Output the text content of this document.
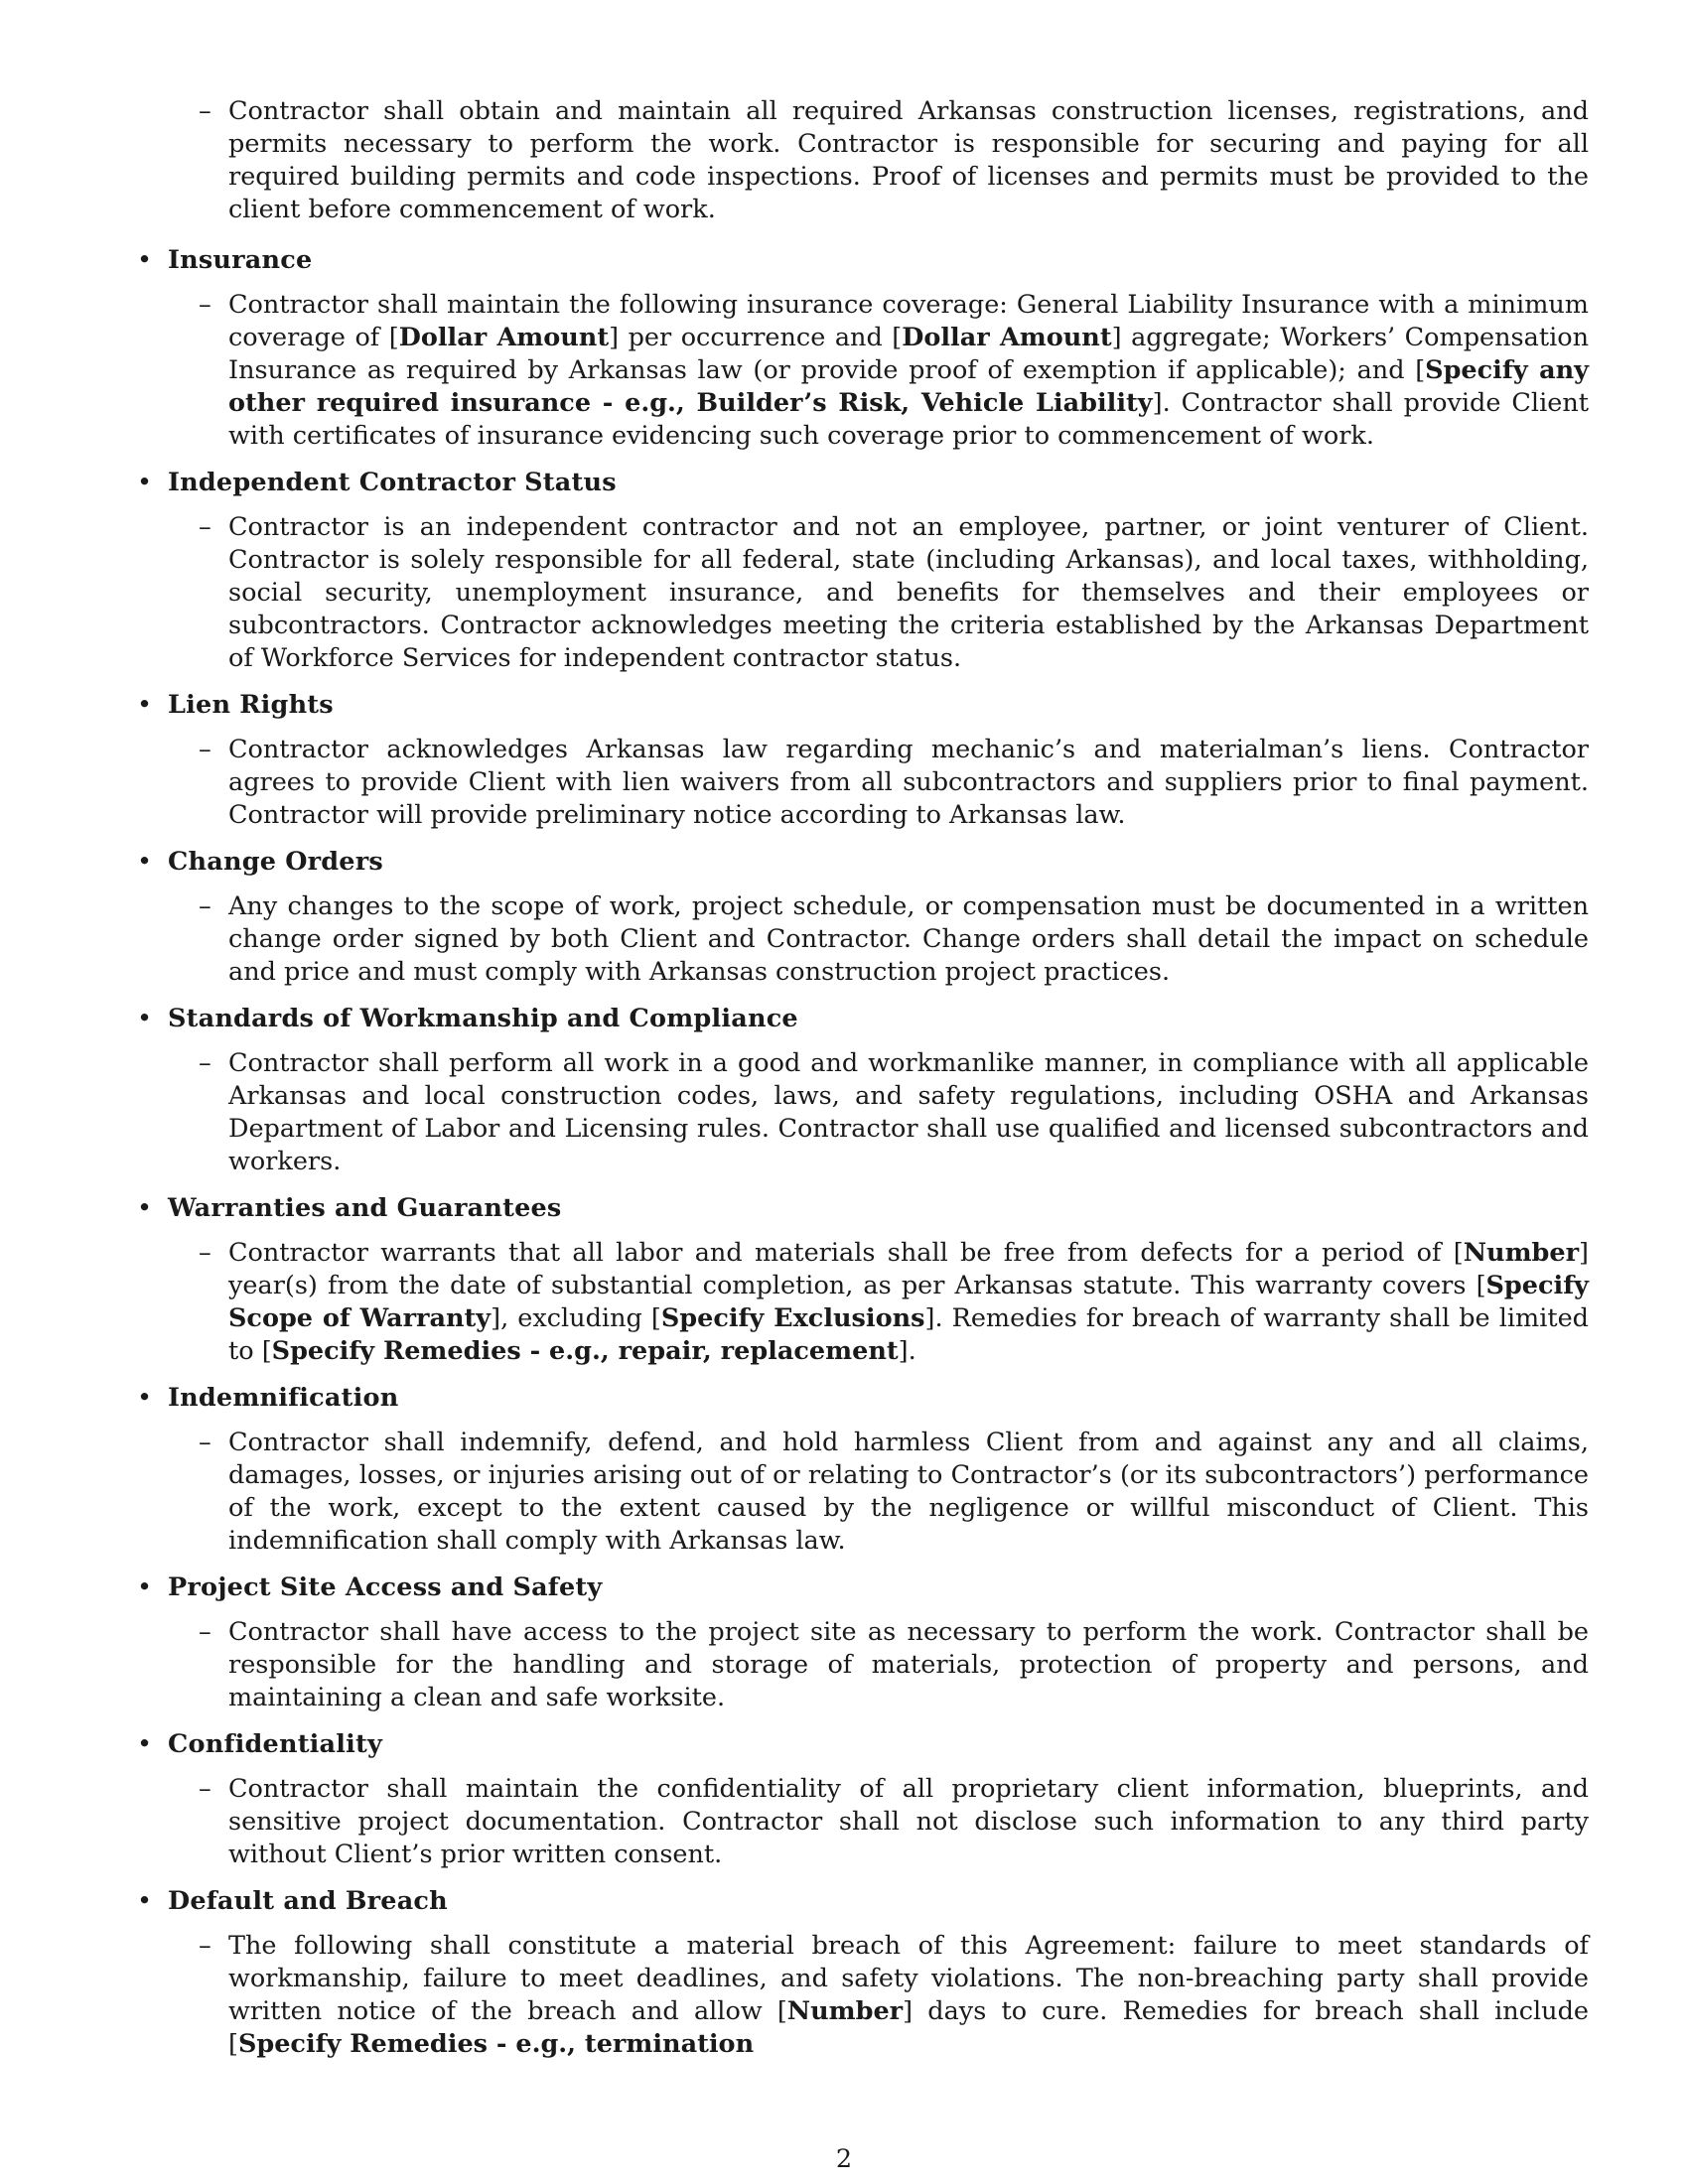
– Contractor shall obtain and maintain all required Arkansas construction licenses, registrations, and permits necessary to perform the work. Contractor is responsible for securing and paying for all required building permits and code inspections. Proof of licenses and permits must be provided to the client before commencement of work.
• Insurance
– Contractor shall maintain the following insurance coverage: General Liability Insurance with a minimum coverage of [Dollar Amount] per occurrence and [Dollar Amount] aggregate; Workers’ Compensation Insurance as required by Arkansas law (or provide proof of exemption if applicable); and [Specify any other required insurance - e.g., Builder’s Risk, Vehicle Liability]. Contractor shall provide Client with certificates of insurance evidencing such coverage prior to commencement of work.
• Independent Contractor Status
– Contractor is an independent contractor and not an employee, partner, or joint venturer of Client. Contractor is solely responsible for all federal, state (including Arkansas), and local taxes, withholding, social security, unemployment insurance, and benefits for themselves and their employees or subcontractors. Contractor acknowledges meeting the criteria established by the Arkansas Department of Workforce Services for independent contractor status.
• Lien Rights
– Contractor acknowledges Arkansas law regarding mechanic’s and materialman’s liens. Contractor agrees to provide Client with lien waivers from all subcontractors and suppliers prior to final payment. Contractor will provide preliminary notice according to Arkansas law.
• Change Orders
– Any changes to the scope of work, project schedule, or compensation must be documented in a written change order signed by both Client and Contractor. Change orders shall detail the impact on schedule and price and must comply with Arkansas construction project practices.
• Standards of Workmanship and Compliance
– Contractor shall perform all work in a good and workmanlike manner, in compliance with all applicable Arkansas and local construction codes, laws, and safety regulations, including OSHA and Arkansas Department of Labor and Licensing rules. Contractor shall use qualified and licensed subcontractors and workers.
• Warranties and Guarantees
– Contractor warrants that all labor and materials shall be free from defects for a period of [Number] year(s) from the date of substantial completion, as per Arkansas statute. This warranty covers [Specify Scope of Warranty], excluding [Specify Exclusions]. Remedies for breach of warranty shall be limited to [Specify Remedies - e.g., repair, replacement].
• Indemnification
– Contractor shall indemnify, defend, and hold harmless Client from and against any and all claims, damages, losses, or injuries arising out of or relating to Contractor’s (or its subcontractors’) performance of the work, except to the extent caused by the negligence or willful misconduct of Client. This indemnification shall comply with Arkansas law.
• Project Site Access and Safety
– Contractor shall have access to the project site as necessary to perform the work. Contractor shall be responsible for the handling and storage of materials, protection of property and persons, and maintaining a clean and safe worksite.
• Confidentiality
– Contractor shall maintain the confidentiality of all proprietary client information, blueprints, and sensitive project documentation. Contractor shall not disclose such information to any third party without Client’s prior written consent.
• Default and Breach
– The following shall constitute a material breach of this Agreement: failure to meet standards of workmanship, failure to meet deadlines, and safety violations. The non-breaching party shall provide written notice of the breach and allow [Number] days to cure. Remedies for breach shall include [Specify Remedies - e.g., termination
2
